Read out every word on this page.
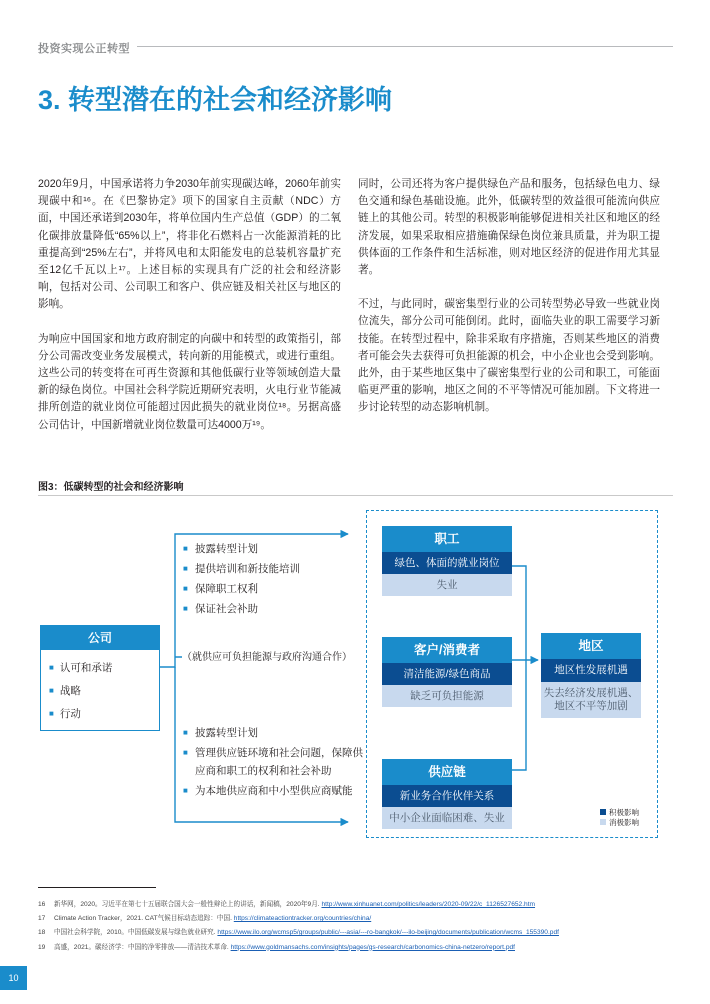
投资实现公正转型
3. 转型潜在的社会和经济影响

2020年9月，中国承诺将力争2030年前实现碳达峰，2060年前实现碳中和¹⁶。在《巴黎协定》项下的国家自主贡献（NDC）方面，中国还承诺到2030年，将单位国内生产总值（GDP）的二氧化碳排放量降低“65%以上”，将非化石燃料占一次能源消耗的比重提高到“25%左右”，并将风电和太阳能发电的总装机容量扩充至12亿千瓦以上¹⁷。上述目标的实现具有广泛的社会和经济影响，包括对公司、公司职工和客户、供应链及相关社区与地区的影响。

为响应中国国家和地方政府制定的向碳中和转型的政策指引，部分公司需改变业务发展模式，转向新的用能模式，或进行重组。这些公司的转变将在可再生资源和其他低碳行业等领域创造大量新的绿色岗位。中国社会科学院近期研究表明，火电行业节能减排所创造的就业岗位可能超过因此损失的就业岗位¹⁸。另据高盛公司估计，中国新增就业岗位数量可达4000万¹⁹。

同时，公司还将为客户提供绿色产品和服务，包括绿色电力、绿色交通和绿色基础设施。此外，低碳转型的效益很可能流向供应链上的其他公司。转型的积极影响能够促进相关社区和地区的经济发展，如果采取相应措施确保绿色岗位兼具质量，并为职工提供体面的工作条件和生活标准，则对地区经济的促进作用尤其显著。

不过，与此同时，碳密集型行业的公司转型势必导致一些就业岗位流失，部分公司可能倒闭。此时，面临失业的职工需要学习新技能。在转型过程中，除非采取有序措施，否则某些地区的消费者可能会失去获得可负担能源的机会，中小企业也会受到影响。此外，由于某些地区集中了碳密集型行业的公司和职工，可能面临更严重的影响，地区之间的不平等情况可能加剧。下文将进一步讨论转型的动态影响机制。

图3：低碳转型的社会和经济影响
公司
■ 认可和承诺
■ 战略
■ 行动
■ 披露转型计划
■ 提供培训和新技能培训
■ 保障职工权利
■ 保证社会补助
（就供应可负担能源与政府沟通合作）
■ 披露转型计划
■ 管理供应链环境和社会问题，保障供应商和职工的权利和社会补助
■ 为本地供应商和中小型供应商赋能
职工
绿色、体面的就业岗位
失业
客户/消费者
清洁能源/绿色商品
缺乏可负担能源
供应链
新业务合作伙伴关系
中小企业面临困难、失业
地区
地区性发展机遇
失去经济发展机遇、地区不平等加剧
积极影响
消极影响
16 新华网，2020。习近平在第七十五届联合国大会一般性辩论上的讲话，新闻稿，2020年9月. http://www.xinhuanet.com/politics/leaders/2020-09/22/c_1126527652.htm
17 Climate Action Tracker，2021. CAT气候目标动态追踪：中国. https://climateactiontracker.org/countries/china/
18 中国社会科学院，2010。中国低碳发展与绿色就业研究. https://www.ilo.org/wcmsp5/groups/public/---asia/---ro-bangkok/---ilo-beijing/documents/publication/wcms_155390.pdf
19 高盛，2021。碳经济学：中国的净零排放——清洁技术革命. https://www.goldmansachs.com/insights/pages/gs-research/carbonomics-china-netzero/report.pdf
10
